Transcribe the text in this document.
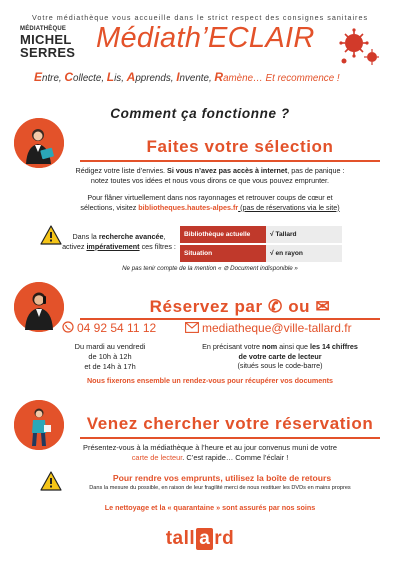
Votre médiathèque vous accueille dans le strict respect des consignes sanitaires
MÉDIATHÈQUE
MICHEL
SERRES Médiath’ECLAIR
Entre, Collecte, Lis, Apprends, Invente, Ramène… Et recommence !
Comment ça fonctionne ?
Faites votre sélection
Rédigez votre liste d’envies. Si vous n’avez pas accès à internet, pas de panique :
notez toutes vos idées et nous vous dirons ce que vous pouvez emprunter.
Pour flâner virtuellement dans nos rayonnages et retrouver coups de cœur et
sélections, visitez bibliotheques.hautes-alpes.fr (pas de réservations via le site)
Dans la recherche avancée,
activez impérativement ces filtres :
Bibliothèque actuelle	√ Tallard

Situation	√ en rayon
Ne pas tenir compte de la mention « ⊘ Document indisponible »
Réservez par ✆ ou ✉
04 92 54 11 12	mediatheque@ville-tallard.fr
Du mardi au vendredi
de 10h à 12h
et de 14h à 17h
En précisant votre nom ainsi que les 14 chiffres
de votre carte de lecteur
(situés sous le code-barre)
Nous fixerons ensemble un rendez-vous pour récupérer vos documents
Venez chercher votre réservation
Présentez-vous à la médiathèque à l’heure et au jour convenus muni de votre
carte de lecteur. C’est rapide… Comme l’éclair !
Pour rendre vos emprunts, utilisez la boîte de retours
Dans la mesure du possible, en raison de leur fragilité merci de nous restituer les DVDs en mains propres
Le nettoyage et la « quarantaine » sont assurés par nos soins
tall a rd
